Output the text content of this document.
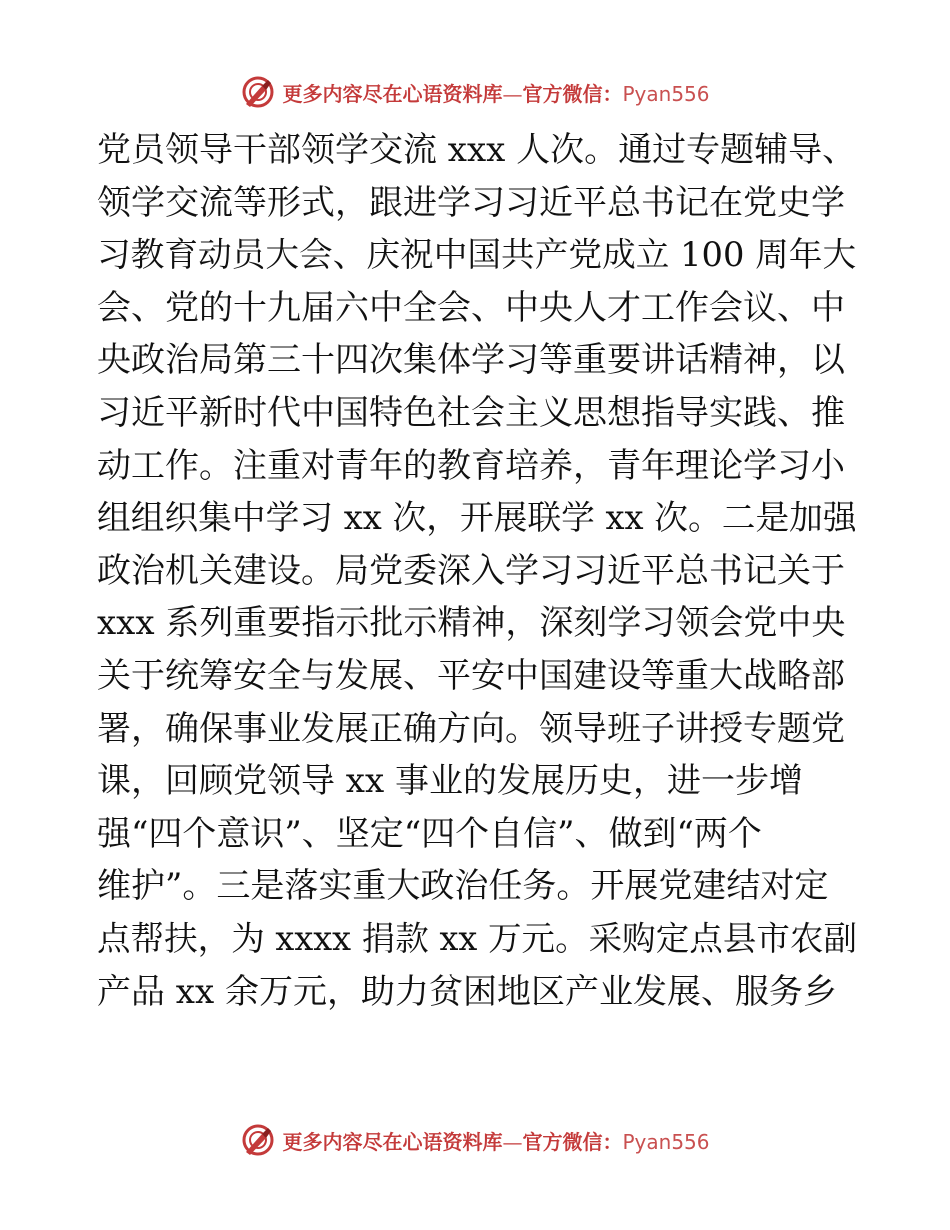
更多内容尽在心语资料库—官方微信：Pyan556
党员领导干部领学交流 xxx 人次。通过专题辅导、
领学交流等形式，跟进学习习近平总书记在党史学
习教育动员大会、庆祝中国共产党成立 100 周年大
会、党的十九届六中全会、中央人才工作会议、中
央政治局第三十四次集体学习等重要讲话精神，以
习近平新时代中国特色社会主义思想指导实践、推
动工作。注重对青年的教育培养，青年理论学习小
组组织集中学习 xx 次，开展联学 xx 次。二是加强
政治机关建设。局党委深入学习习近平总书记关于
xxx 系列重要指示批示精神，深刻学习领会党中央
关于统筹安全与发展、平安中国建设等重大战略部
署，确保事业发展正确方向。领导班子讲授专题党
课，回顾党领导 xx 事业的发展历史，进一步增
强“四个意识”、坚定“四个自信”、做到“两个
维护”。三是落实重大政治任务。开展党建结对定
点帮扶，为 xxxx 捐款 xx 万元。采购定点县市农副
产品 xx 余万元，助力贫困地区产业发展、服务乡
更多内容尽在心语资料库—官方微信：Pyan556
